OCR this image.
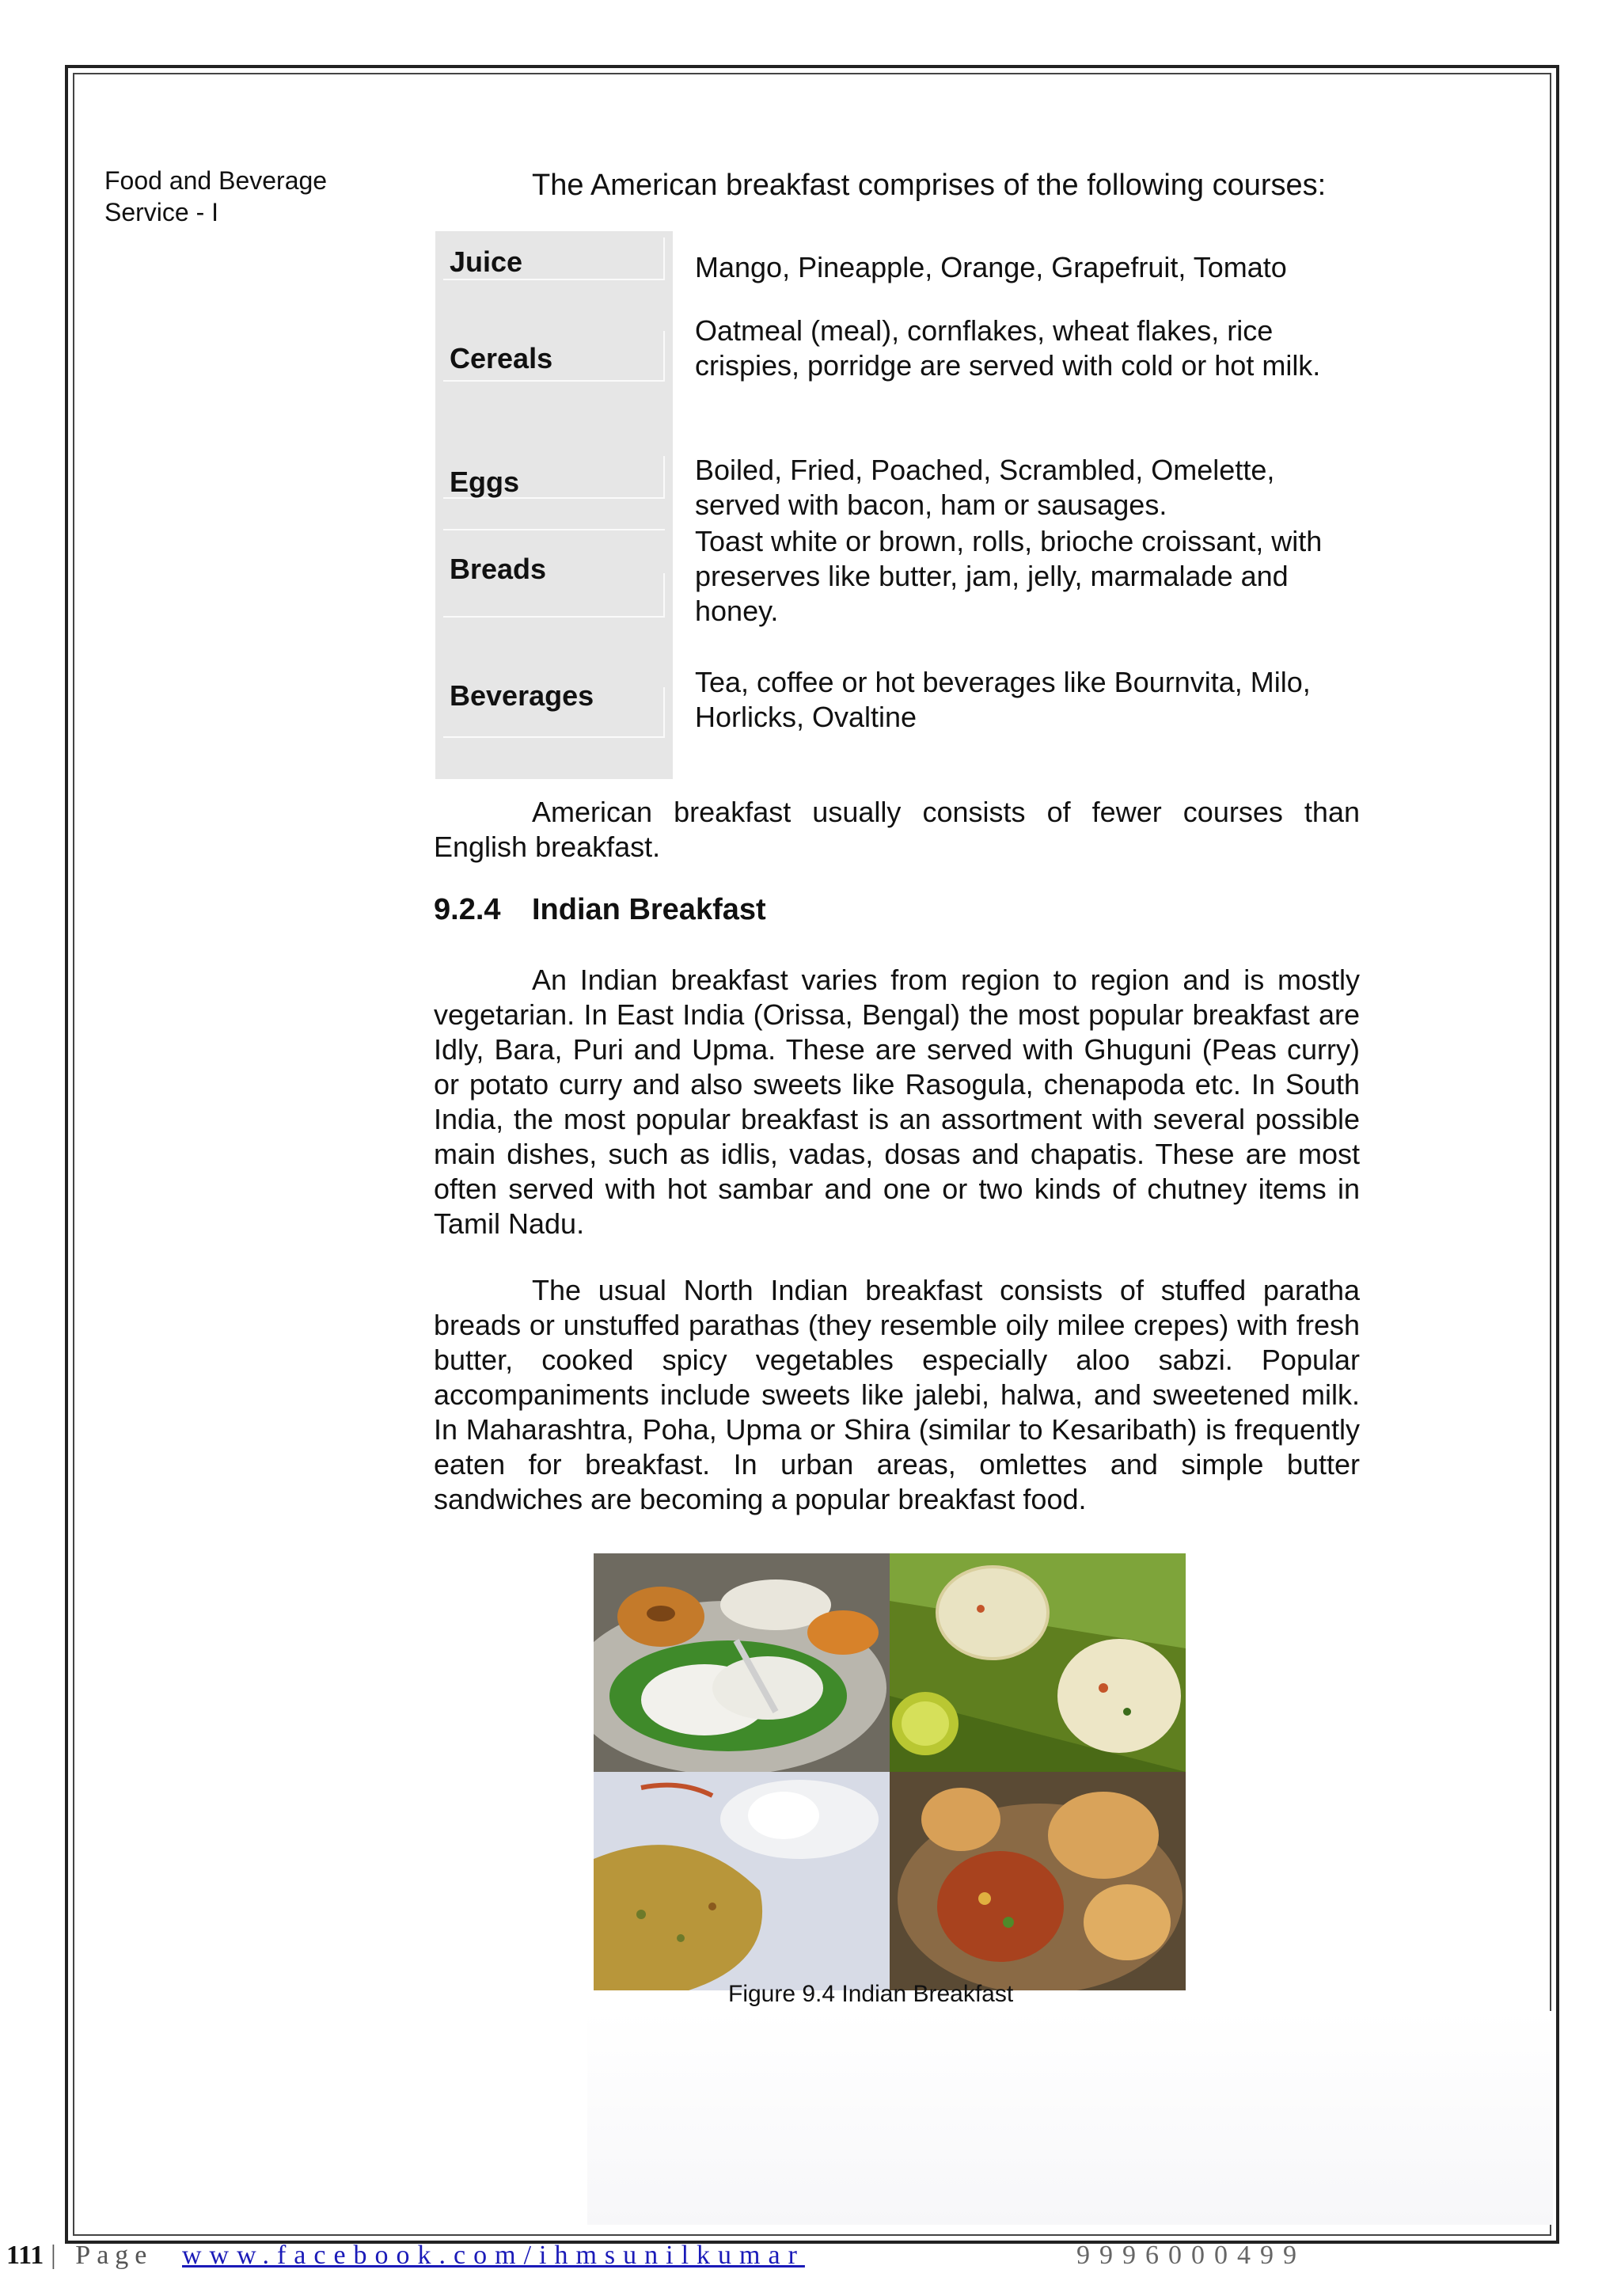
Food and Beverage
Service - I
The American breakfast comprises of the following courses:
Juice
Cereals
Eggs
Breads
Beverages
Mango, Pineapple, Orange, Grapefruit, Tomato
Oatmeal (meal), cornflakes, wheat flakes, rice crispies, porridge are served with cold or hot milk.
Boiled, Fried, Poached, Scrambled, Omelette, served with bacon, ham or sausages.
Toast white or brown, rolls, brioche croissant, with preserves like butter, jam, jelly, marmalade and honey.
Tea, coffee or hot beverages like Bournvita, Milo, Horlicks, Ovaltine
American breakfast usually consists of fewer courses than English breakfast.
9.2.4 Indian Breakfast
An Indian breakfast varies from region to region and is mostly vegetarian. In East India (Orissa, Bengal) the most popular breakfast are Idly, Bara, Puri and Upma. These are served with Ghuguni (Peas curry) or potato curry and also sweets like Rasogula, chenapoda etc. In South India, the most popular breakfast is an assortment with several possible main dishes, such as idlis, vadas, dosas and chapatis. These are most often served with hot sambar and one or two kinds of chutney items in Tamil Nadu.
The usual North Indian breakfast consists of stuffed paratha breads or unstuffed parathas (they resemble oily milee crepes) with fresh butter, cooked spicy vegetables especially aloo sabzi. Popular accompaniments include sweets like jalebi, halwa, and sweetened milk. In Maharashtra, Poha, Upma or Shira (similar to Kesaribath) is frequently eaten for breakfast. In urban areas, omlettes and simple butter sandwiches are becoming a popular breakfast food.
Figure 9.4 Indian Breakfast
111 | Page www.facebook.com/ihmsunilkumar	9996000499
